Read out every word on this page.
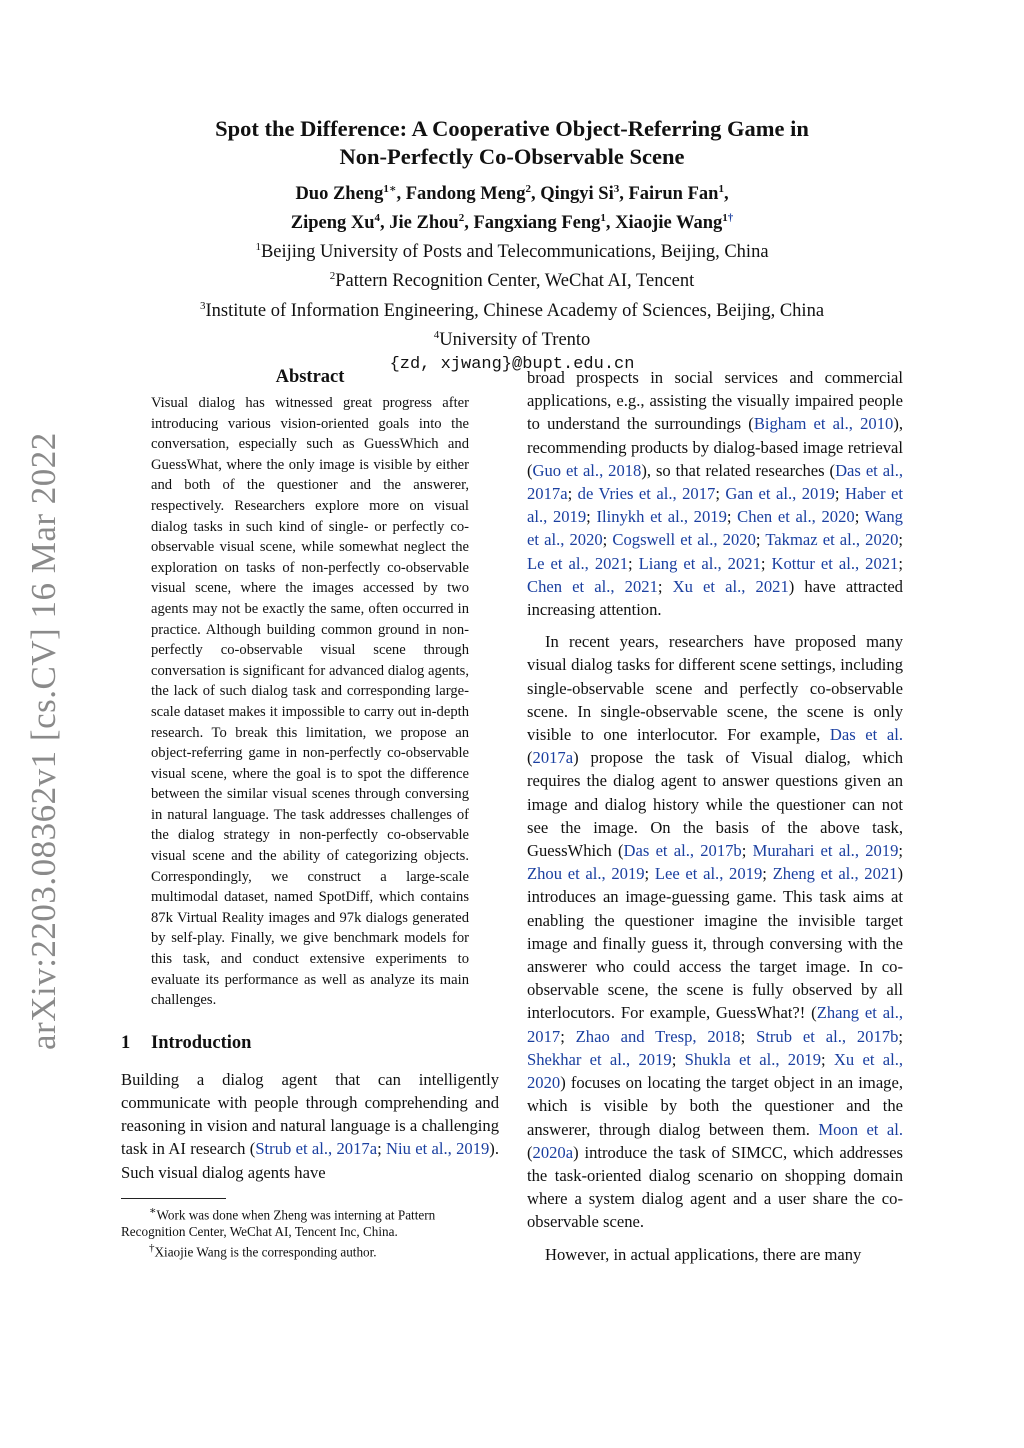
arXiv:2203.08362v1 [cs.CV] 16 Mar 2022
Spot the Difference: A Cooperative Object-Referring Game in
Non-Perfectly Co-Observable Scene
Duo Zheng$^{1∗}$, Fandong Meng$^2$, Qingyi Si$^3$, Fairun Fan$^1$,
Zipeng Xu$^4$, Jie Zhou$^2$, Fangxiang Feng$^1$, Xiaojie Wang$^{1\dagger}$
$^1$Beijing University of Posts and Telecommunications, Beijing, China
$^2$Pattern Recognition Center, WeChat AI, Tencent
$^3$Institute of Information Engineering, Chinese Academy of Sciences, Beijing, China
$^4$University of Trento
{zd, xjwang}@bupt.edu.cn
Abstract

Visual dialog has witnessed great progress after introducing various vision-oriented goals into the conversation, especially such as GuessWhich and GuessWhat, where the only image is visible by either and both of the questioner and the answerer, respectively. Researchers explore more on visual dialog tasks in such kind of single- or perfectly co-observable visual scene, while somewhat neglect the exploration on tasks of non-perfectly co-observable visual scene, where the images accessed by two agents may not be exactly the same, often occurred in practice. Although building common ground in non-perfectly co-observable visual scene through conversation is significant for advanced dialog agents, the lack of such dialog task and corresponding large-scale dataset makes it impossible to carry out in-depth research. To break this limitation, we propose an object-referring game in non-perfectly co-observable visual scene, where the goal is to spot the difference between the similar visual scenes through conversing in natural language. The task addresses challenges of the dialog strategy in non-perfectly co-observable visual scene and the ability of categorizing objects. Correspondingly, we construct a large-scale multimodal dataset, named SpotDiff, which contains 87k Virtual Reality images and 97k dialogs generated by self-play. Finally, we give benchmark models for this task, and conduct extensive experiments to evaluate its performance as well as analyze its main challenges.

1 Introduction

Building a dialog agent that can intelligently communicate with people through comprehending and reasoning in vision and natural language is a challenging task in AI research (Strub et al., 2017a; Niu et al., 2019). Such visual dialog agents have

∗Work was done when Zheng was interning at Pattern Recognition Center, WeChat AI, Tencent Inc, China.

†Xiaojie Wang is the corresponding author.

broad prospects in social services and commercial applications, e.g., assisting the visually impaired people to understand the surroundings (Bigham et al., 2010), recommending products by dialog-based image retrieval (Guo et al., 2018), so that related researches (Das et al., 2017a; de Vries et al., 2017; Gan et al., 2019; Haber et al., 2019; Ilinykh et al., 2019; Chen et al., 2020; Wang et al., 2020; Cogswell et al., 2020; Takmaz et al., 2020; Le et al., 2021; Liang et al., 2021; Kottur et al., 2021; Chen et al., 2021; Xu et al., 2021) have attracted increasing attention.

In recent years, researchers have proposed many visual dialog tasks for different scene settings, including single-observable scene and perfectly co-observable scene. In single-observable scene, the scene is only visible to one interlocutor. For example, Das et al. (2017a) propose the task of Visual dialog, which requires the dialog agent to answer questions given an image and dialog history while the questioner can not see the image. On the basis of the above task, GuessWhich (Das et al., 2017b; Murahari et al., 2019; Zhou et al., 2019; Lee et al., 2019; Zheng et al., 2021) introduces an image-guessing game. This task aims at enabling the questioner imagine the invisible target image and finally guess it, through conversing with the answerer who could access the target image. In co-observable scene, the scene is fully observed by all interlocutors. For example, GuessWhat?! (Zhang et al., 2017; Zhao and Tresp, 2018; Strub et al., 2017b; Shekhar et al., 2019; Shukla et al., 2019; Xu et al., 2020) focuses on locating the target object in an image, which is visible by both the questioner and the answerer, through dialog between them. Moon et al. (2020a) introduce the task of SIMCC, which addresses the task-oriented dialog scenario on shopping domain where a system dialog agent and a user share the co-observable scene.

However, in actual applications, there are many
